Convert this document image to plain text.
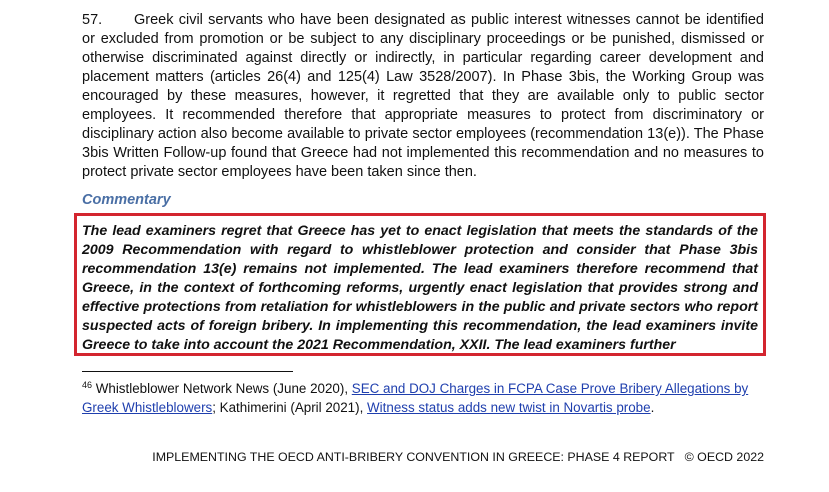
57. Greek civil servants who have been designated as public interest witnesses cannot be identified or excluded from promotion or be subject to any disciplinary proceedings or be punished, dismissed or otherwise discriminated against directly or indirectly, in particular regarding career development and placement matters (articles 26(4) and 125(4) Law 3528/2007). In Phase 3bis, the Working Group was encouraged by these measures, however, it regretted that they are available only to public sector employees. It recommended therefore that appropriate measures to protect from discriminatory or disciplinary action also become available to private sector employees (recommendation 13(e)). The Phase 3bis Written Follow-up found that Greece had not implemented this recommendation and no measures to protect private sector employees have been taken since then.

Commentary

The lead examiners regret that Greece has yet to enact legislation that meets the standards of the 2009 Recommendation with regard to whistleblower protection and consider that Phase 3bis recommendation 13(e) remains not implemented. The lead examiners therefore recommend that Greece, in the context of forthcoming reforms, urgently enact legislation that provides strong and effective protections from retaliation for whistleblowers in the public and private sectors who report suspected acts of foreign bribery. In implementing this recommendation, the lead examiners invite Greece to take into account the 2021 Recommendation, XXII. The lead examiners further

$^{46}$ Whistleblower Network News (June 2020), SEC and DOJ Charges in FCPA Case Prove Bribery Allegations by Greek Whistleblowers; Kathimerini (April 2021), Witness status adds new twist in Novartis probe.

IMPLEMENTING THE OECD ANTI-BRIBERY CONVENTION IN GREECE: PHASE 4 REPORT © OECD 2022
